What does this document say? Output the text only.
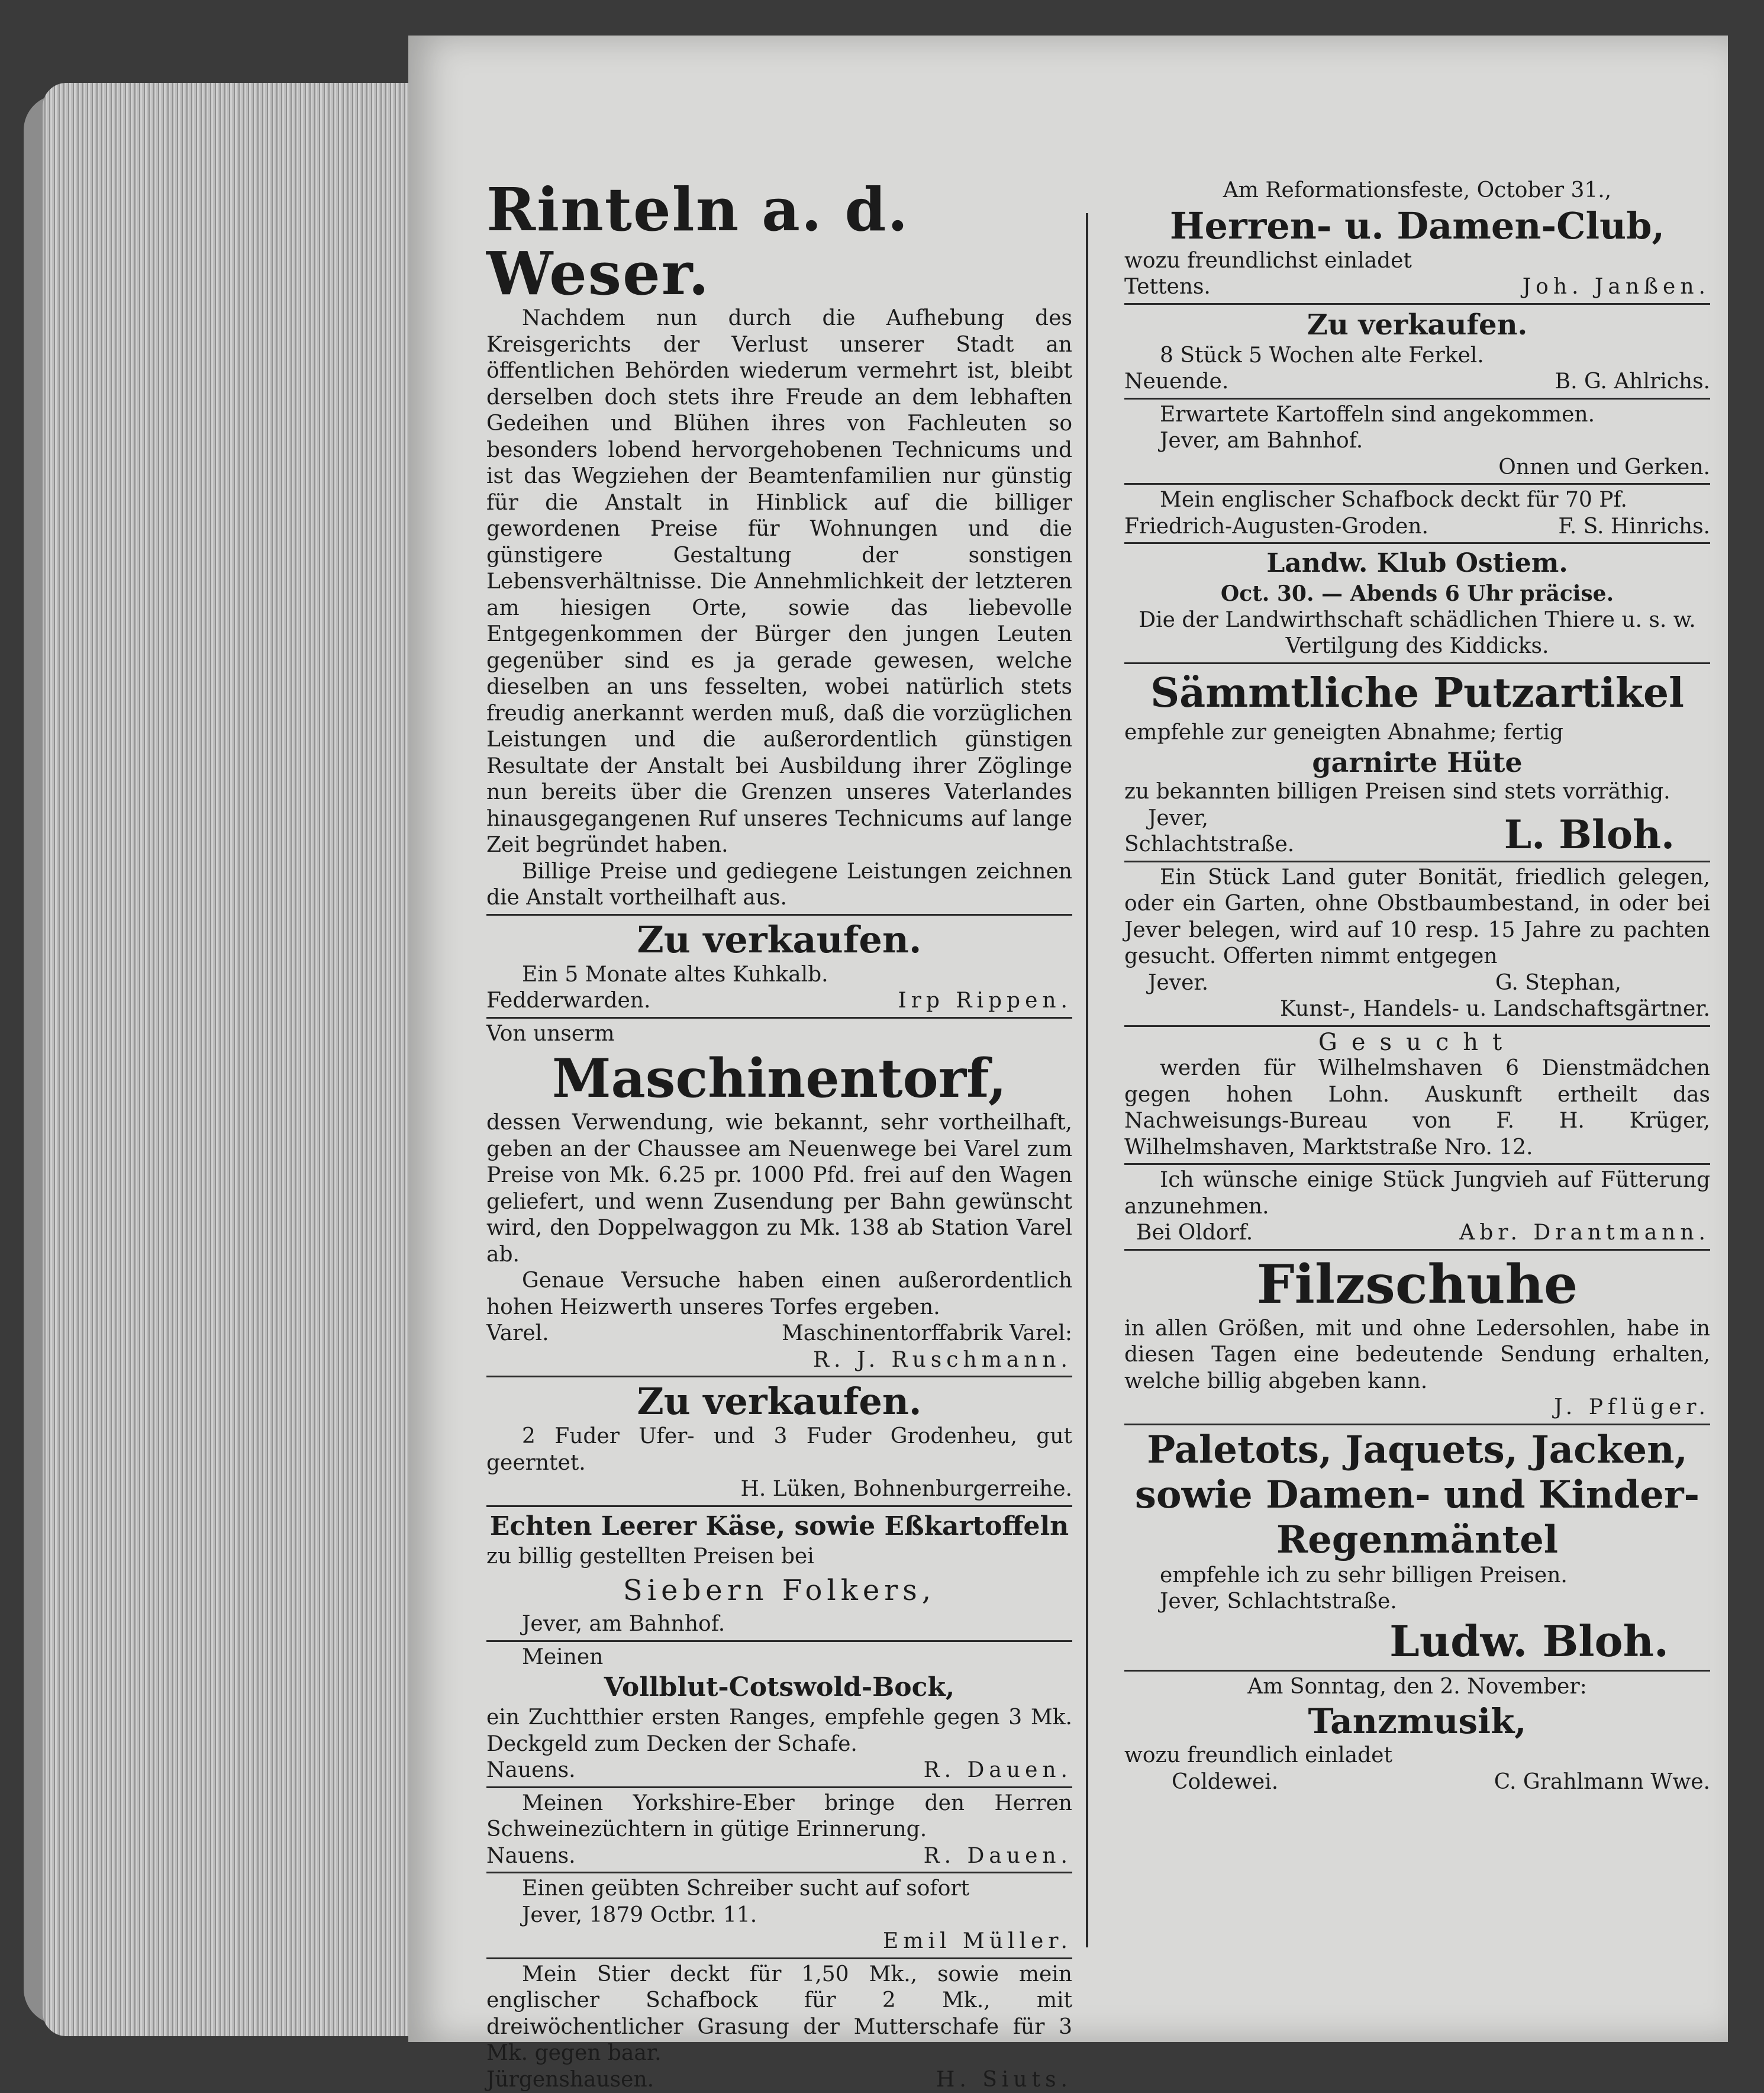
Rinteln a. d. Weser.

Nachdem nun durch die Aufhebung des Kreisgerichts der Verlust unserer Stadt an öffentlichen Behörden wiederum vermehrt ist, bleibt derselben doch stets ihre Freude an dem lebhaften Gedeihen und Blühen ihres von Fachleuten so besonders lobend hervorgehobenen Technicums und ist das Wegziehen der Beamtenfamilien nur günstig für die Anstalt in Hinblick auf die billiger gewordenen Preise für Wohnungen und die günstigere Gestaltung der sonstigen Lebensverhältnisse. Die Annehmlichkeit der letzteren am hiesigen Orte, sowie das liebevolle Entgegenkommen der Bürger den jungen Leuten gegenüber sind es ja gerade gewesen, welche dieselben an uns fesselten, wobei natürlich stets freudig anerkannt werden muß, daß die vorzüglichen Leistungen und die außerordentlich günstigen Resultate der Anstalt bei Ausbildung ihrer Zöglinge nun bereits über die Grenzen unseres Vaterlandes hinausgegangenen Ruf unseres Technicums auf lange Zeit begründet haben.

Billige Preise und gediegene Leistungen zeichnen die Anstalt vortheilhaft aus.

Zu verkaufen.

Ein 5 Monate altes Kuhkalb.

Fedderwarden.	Irp Rippen.

Von unserm

Maschinentorf,

dessen Verwendung, wie bekannt, sehr vortheilhaft, geben an der Chaussee am Neuenwege bei Varel zum Preise von Mk. 6.25 pr. 1000 Pfd. frei auf den Wagen geliefert, und wenn Zusendung per Bahn gewünscht wird, den Doppelwaggon zu Mk. 138 ab Station Varel ab.

Genaue Versuche haben einen außerordentlich hohen Heizwerth unseres Torfes ergeben.

Varel.	Maschinentorffabrik Varel:

R. J. Ruschmann.

Zu verkaufen.

2 Fuder Ufer- und 3 Fuder Grodenheu, gut geerntet.

H. Lüken, Bohnenburgerreihe.

Echten Leerer Käse, sowie Eßkartoffeln

zu billig gestellten Preisen bei

Siebern Folkers,

Jever, am Bahnhof.

Meinen

Vollblut-Cotswold-Bock,

ein Zuchtthier ersten Ranges, empfehle gegen 3 Mk. Deckgeld zum Decken der Schafe.

Nauens.	R. Dauen.

Meinen Yorkshire-Eber bringe den Herren Schweinezüchtern in gütige Erinnerung.

Nauens.	R. Dauen.

Einen geübten Schreiber sucht auf sofort

Jever, 1879 Octbr. 11.

Emil Müller.

Mein Stier deckt für 1,50 Mk., sowie mein englischer Schafbock für 2 Mk., mit dreiwöchentlicher Grasung der Mutterschafe für 3 Mk. gegen baar.

Jürgenshausen.	H. Siuts.

Am Reformationsfeste, October 31.,

Herren- u. Damen-Club,

wozu freundlichst einladet

Tettens.	Joh. Janßen.

Zu verkaufen.

8 Stück 5 Wochen alte Ferkel.

Neuende.	B. G. Ahlrichs.

Erwartete Kartoffeln sind angekommen.

Jever, am Bahnhof.

Onnen und Gerken.

Mein englischer Schafbock deckt für 70 Pf.

Friedrich-Augusten-Groden.	F. S. Hinrichs.

Landw. Klub Ostiem.

Oct. 30. — Abends 6 Uhr präcise.

Die der Landwirthschaft schädlichen Thiere u. s. w. Vertilgung des Kiddicks.

Sämmtliche Putzartikel

empfehle zur geneigten Abnahme; fertig

garnirte Hüte

zu bekannten billigen Preisen sind stets vorräthig.

Jever,
Schlachtstraße.	L. Bloh.

Ein Stück Land guter Bonität, friedlich gelegen, oder ein Garten, ohne Obstbaumbestand, in oder bei Jever belegen, wird auf 10 resp. 15 Jahre zu pachten gesucht. Offerten nimmt entgegen

Jever.	G. Stephan,

Kunst-, Handels- u. Landschaftsgärtner.

Gesucht

werden für Wilhelmshaven 6 Dienstmädchen gegen hohen Lohn. Auskunft ertheilt das Nachweisungs-Bureau von F. H. Krüger, Wilhelmshaven, Marktstraße Nro. 12.

Ich wünsche einige Stück Jungvieh auf Fütterung anzunehmen.

Bei Oldorf.	Abr. Drantmann.

Filzschuhe

in allen Größen, mit und ohne Ledersohlen, habe in diesen Tagen eine bedeutende Sendung erhalten, welche billig abgeben kann.

J. Pflüger.

Paletots, Jaquets, Jacken,

sowie Damen- und Kinder-

Regenmäntel

empfehle ich zu sehr billigen Preisen.

Jever, Schlachtstraße.

Ludw. Bloh.

Am Sonntag, den 2. November:

Tanzmusik,

wozu freundlich einladet

Coldewei.	C. Grahlmann Wwe.
